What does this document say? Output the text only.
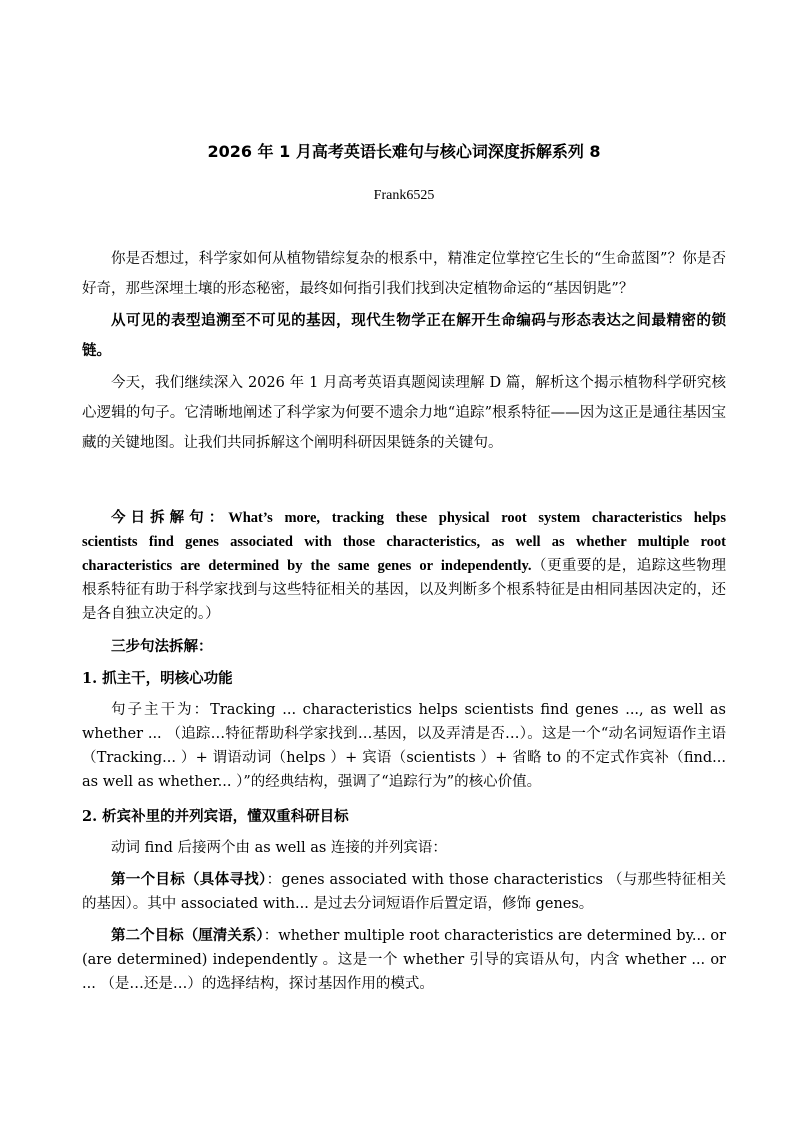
2026 年 1 月高考英语长难句与核心词深度拆解系列 8
Frank6525

你是否想过，科学家如何从植物错综复杂的根系中，精准定位掌控它生长的“生命蓝图”？你是否好奇，那些深埋土壤的形态秘密，最终如何指引我们找到决定植物命运的“基因钥匙”？

从可见的表型追溯至不可见的基因，现代生物学正在解开生命编码与形态表达之间最精密的锁链。

今天，我们继续深入 2026 年 1 月高考英语真题阅读理解 D 篇，解析这个揭示植物科学研究核心逻辑的句子。它清晰地阐述了科学家为何要不遗余力地“追踪”根系特征——因为这正是通往基因宝藏的关键地图。让我们共同拆解这个阐明科研因果链条的关键句。

今日拆解句：What’s more, tracking these physical root system characteristics helps scientists find genes associated with those characteristics, as well as whether multiple root characteristics are determined by the same genes or independently.（更重要的是，追踪这些物理根系特征有助于科学家找到与这些特征相关的基因，以及判断多个根系特征是由相同基因决定的，还是各自独立决定的。）

三步句法拆解：

1. 抓主干，明核心功能

句子主干为：Tracking ... characteristics helps scientists find genes ..., as well as whether ... （追踪…特征帮助科学家找到…基因，以及弄清是否…）。这是一个“动名词短语作主语（Tracking... ）+ 谓语动词（helps ）+ 宾语（scientists ）+ 省略 to 的不定式作宾补（find... as well as whether... ）”的经典结构，强调了“追踪行为”的核心价值。

2. 析宾补里的并列宾语，懂双重科研目标

动词 find 后接两个由 as well as 连接的并列宾语：

第一个目标（具体寻找）：genes associated with those characteristics （与那些特征相关的基因）。其中 associated with... 是过去分词短语作后置定语，修饰 genes。

第二个目标（厘清关系）：whether multiple root characteristics are determined by... or (are determined) independently 。这是一个 whether 引导的宾语从句，内含 whether ... or ... （是…还是…）的选择结构，探讨基因作用的模式。
